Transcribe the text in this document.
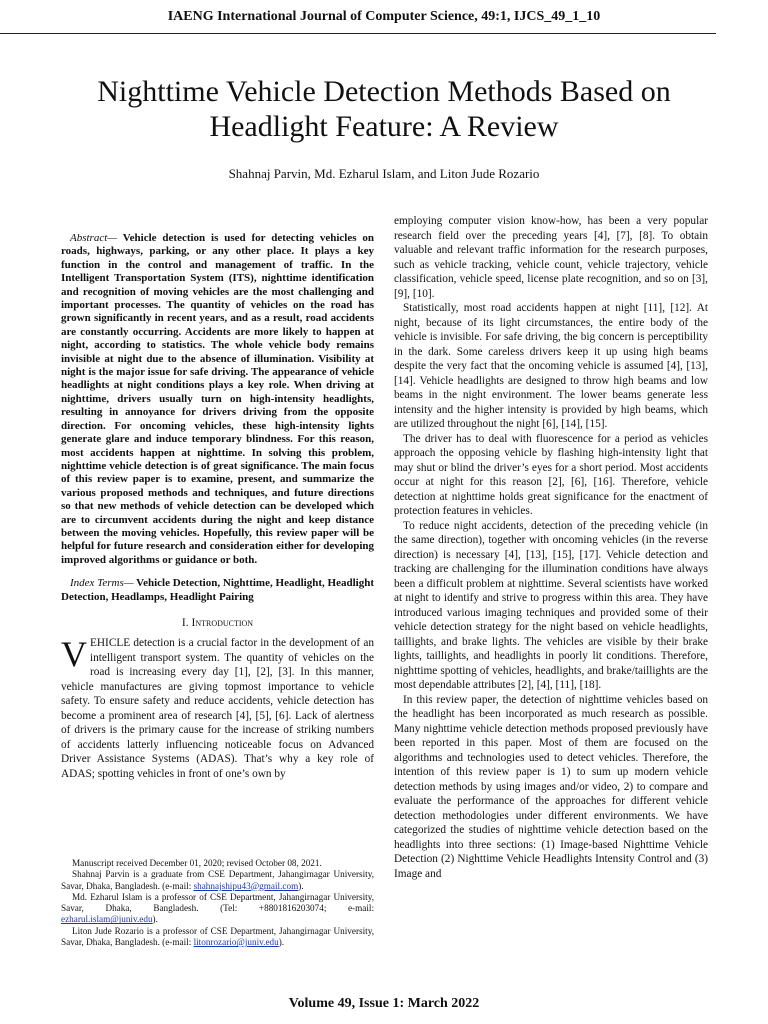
IAENG International Journal of Computer Science, 49:1, IJCS_49_1_10
Nighttime Vehicle Detection Methods Based on Headlight Feature: A Review
Shahnaj Parvin, Md. Ezharul Islam, and Liton Jude Rozario

Abstract— Vehicle detection is used for detecting vehicles on roads, highways, parking, or any other place. It plays a key function in the control and management of traffic. In the Intelligent Transportation System (ITS), nighttime identification and recognition of moving vehicles are the most challenging and important processes. The quantity of vehicles on the road has grown significantly in recent years, and as a result, road accidents are constantly occurring. Accidents are more likely to happen at night, according to statistics. The whole vehicle body remains invisible at night due to the absence of illumination. Visibility at night is the major issue for safe driving. The appearance of vehicle headlights at night conditions plays a key role. When driving at nighttime, drivers usually turn on high-intensity headlights, resulting in annoyance for drivers driving from the opposite direction. For oncoming vehicles, these high-intensity lights generate glare and induce temporary blindness. For this reason, most accidents happen at nighttime. In solving this problem, nighttime vehicle detection is of great significance. The main focus of this review paper is to examine, present, and summarize the various proposed methods and techniques, and future directions so that new methods of vehicle detection can be developed which are to circumvent accidents during the night and keep distance between the moving vehicles. Hopefully, this review paper will be helpful for future research and consideration either for developing improved algorithms or guidance or both.

Index Terms— Vehicle Detection, Nighttime, Headlight, Headlight Detection, Headlamps, Headlight Pairing

I. Introduction

VEHICLE detection is a crucial factor in the development of an intelligent transport system. The quantity of vehicles on the road is increasing every day [1], [2], [3]. In this manner, vehicle manufactures are giving topmost importance to vehicle safety. To ensure safety and reduce accidents, vehicle detection has become a prominent area of research [4], [5], [6]. Lack of alertness of drivers is the primary cause for the increase of striking numbers of accidents latterly influencing noticeable focus on Advanced Driver Assistance Systems (ADAS). That’s why a key role of ADAS; spotting vehicles in front of one’s own by

employing computer vision know-how, has been a very popular research field over the preceding years [4], [7], [8]. To obtain valuable and relevant traffic information for the research purposes, such as vehicle tracking, vehicle count, vehicle trajectory, vehicle classification, vehicle speed, license plate recognition, and so on [3], [9], [10].

Statistically, most road accidents happen at night [11], [12]. At night, because of its light circumstances, the entire body of the vehicle is invisible. For safe driving, the big concern is perceptibility in the dark. Some careless drivers keep it up using high beams despite the very fact that the oncoming vehicle is assumed [4], [13], [14]. Vehicle headlights are designed to throw high beams and low beams in the night environment. The lower beams generate less intensity and the higher intensity is provided by high beams, which are utilized throughout the night [6], [14], [15].

The driver has to deal with fluorescence for a period as vehicles approach the opposing vehicle by flashing high-intensity light that may shut or blind the driver’s eyes for a short period. Most accidents occur at night for this reason [2], [6], [16]. Therefore, vehicle detection at nighttime holds great significance for the enactment of protection features in vehicles.

To reduce night accidents, detection of the preceding vehicle (in the same direction), together with oncoming vehicles (in the reverse direction) is necessary [4], [13], [15], [17]. Vehicle detection and tracking are challenging for the illumination conditions have always been a difficult problem at nighttime. Several scientists have worked at night to identify and strive to progress within this area. They have introduced various imaging techniques and provided some of their vehicle detection strategy for the night based on vehicle headlights, taillights, and brake lights. The vehicles are visible by their brake lights, taillights, and headlights in poorly lit conditions. Therefore, nighttime spotting of vehicles, headlights, and brake/taillights are the most dependable attributes [2], [4], [11], [18].

In this review paper, the detection of nighttime vehicles based on the headlight has been incorporated as much research as possible. Many nighttime vehicle detection methods proposed previously have been reported in this paper. Most of them are focused on the algorithms and technologies used to detect vehicles. Therefore, the intention of this review paper is 1) to sum up modern vehicle detection methods by using images and/or video, 2) to compare and evaluate the performance of the approaches for different vehicle detection methodologies under different environments. We have categorized the studies of nighttime vehicle detection based on the headlights into three sections: (1) Image-based Nighttime Vehicle Detection (2) Nighttime Vehicle Headlights Intensity Control and (3) Image and

Manuscript received December 01, 2020; revised October 08, 2021.

Shahnaj Parvin is a graduate from CSE Department, Jahangirnagar University, Savar, Dhaka, Bangladesh. (e-mail: shahnajshipu43@gmail.com).

Md. Ezharul Islam is a professor of CSE Department, Jahangirnagar University, Savar, Dhaka, Bangladesh. (Tel: +8801816203074; e-mail: ezharul.islam@juniv.edu).

Liton Jude Rozario is a professor of CSE Department, Jahangirnagar University, Savar, Dhaka, Bangladesh. (e-mail: litonrozario@juniv.edu).

Volume 49, Issue 1: March 2022
